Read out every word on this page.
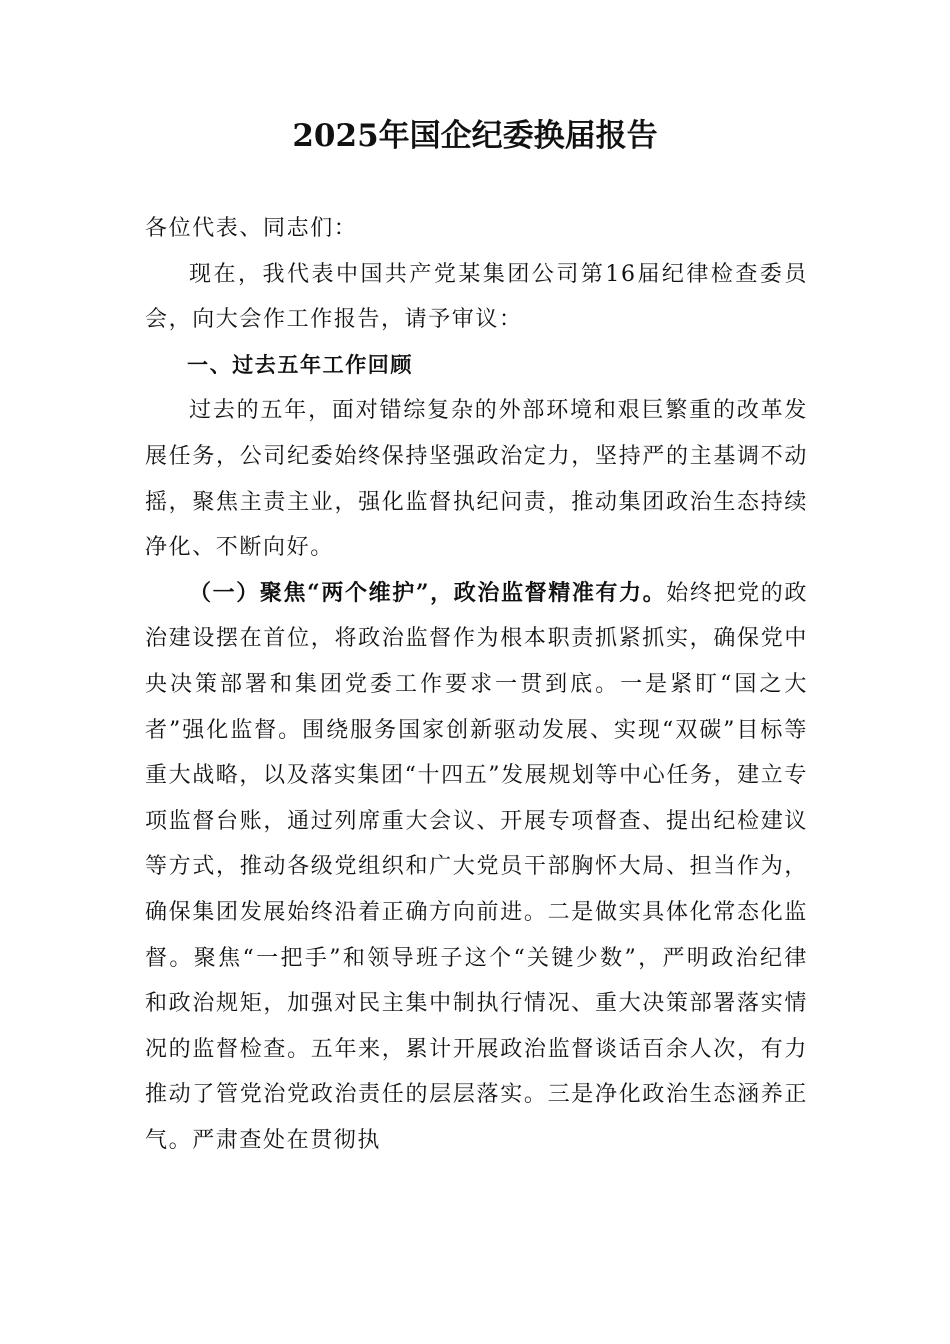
2025年国企纪委换届报告

各位代表、同志们：

现在，我代表中国共产党某集团公司第16届纪律检查委员会，向大会作工作报告，请予审议：

一、过去五年工作回顾

过去的五年，面对错综复杂的外部环境和艰巨繁重的改革发展任务，公司纪委始终保持坚强政治定力，坚持严的主基调不动摇，聚焦主责主业，强化监督执纪问责，推动集团政治生态持续净化、不断向好。

（一）聚焦“两个维护”，政治监督精准有力。始终把党的政治建设摆在首位，将政治监督作为根本职责抓紧抓实，确保党中央决策部署和集团党委工作要求一贯到底。一是紧盯“国之大者”强化监督。围绕服务国家创新驱动发展、实现“双碳”目标等重大战略，以及落实集团“十四五”发展规划等中心任务，建立专项监督台账，通过列席重大会议、开展专项督查、提出纪检建议等方式，推动各级党组织和广大党员干部胸怀大局、担当作为，确保集团发展始终沿着正确方向前进。二是做实具体化常态化监督。聚焦“一把手”和领导班子这个“关键少数”，严明政治纪律和政治规矩，加强对民主集中制执行情况、重大决策部署落实情况的监督检查。五年来，累计开展政治监督谈话百余人次，有力推动了管党治党政治责任的层层落实。三是净化政治生态涵养正气。严肃查处在贯彻执
